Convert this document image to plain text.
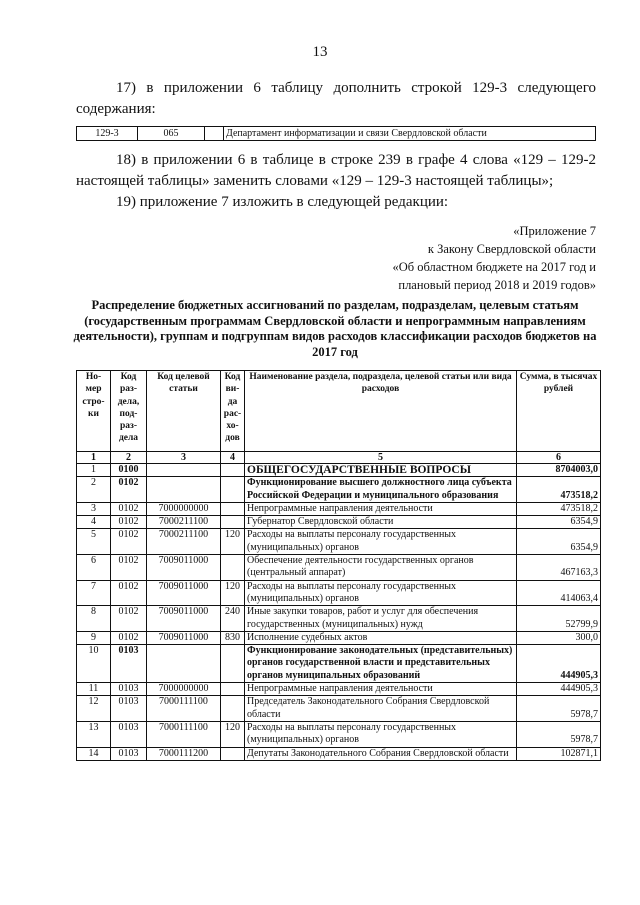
13
17) в приложении 6 таблицу дополнить строкой 129-3 следующего содержания:
129-3	065		Департамент информатизации и связи Свердловской области
18) в приложении 6 в таблице в строке 239 в графе 4 слова «129 – 129-2 настоящей таблицы» заменить словами «129 – 129-3 настоящей таблицы»;
19) приложение 7 изложить в следующей редакции:
«Приложение 7
к Закону Свердловской области
«Об областном бюджете на 2017 год и
плановый период 2018 и 2019 годов»
Распределение бюджетных ассигнований по разделам, подразделам, целевым статьям (государственным программам Свердловской области и непрограммным направлениям деятельности), группам и подгруппам видов расходов классификации расходов бюджетов на 2017 год
Но-мер стро-ки	Код раз-дела, под-раз-дела	Код целевой статьи	Код ви-да рас-хо-дов	Наименование раздела, подраздела, целевой статьи или вида расходов	Сумма, в тысячах рублей
1	2	3	4	5	6
1	0100			ОБЩЕГОСУДАРСТВЕННЫЕ ВОПРОСЫ	8704003,0
2	0102			Функционирование высшего должностного лица субъекта Российской Федерации и муниципального образования	473518,2
3	0102	7000000000		Непрограммные направления деятельности	473518,2
4	0102	7000211100		Губернатор Свердловской области	6354,9
5	0102	7000211100	120	Расходы на выплаты персоналу государственных (муниципальных) органов	6354,9
6	0102	7009011000		Обеспечение деятельности государственных органов (центральный аппарат)	467163,3
7	0102	7009011000	120	Расходы на выплаты персоналу государственных (муниципальных) органов	414063,4
8	0102	7009011000	240	Иные закупки товаров, работ и услуг для обеспечения государственных (муниципальных) нужд	52799,9
9	0102	7009011000	830	Исполнение судебных актов	300,0
10	0103			Функционирование законодательных (представительных) органов государственной власти и представительных органов муниципальных образований	444905,3
11	0103	7000000000		Непрограммные направления деятельности	444905,3
12	0103	7000111100		Председатель Законодательного Собрания Свердловской области	5978,7
13	0103	7000111100	120	Расходы на выплаты персоналу государственных (муниципальных) органов	5978,7
14	0103	7000111200		Депутаты Законодательного Собрания Свердловской области	102871,1
